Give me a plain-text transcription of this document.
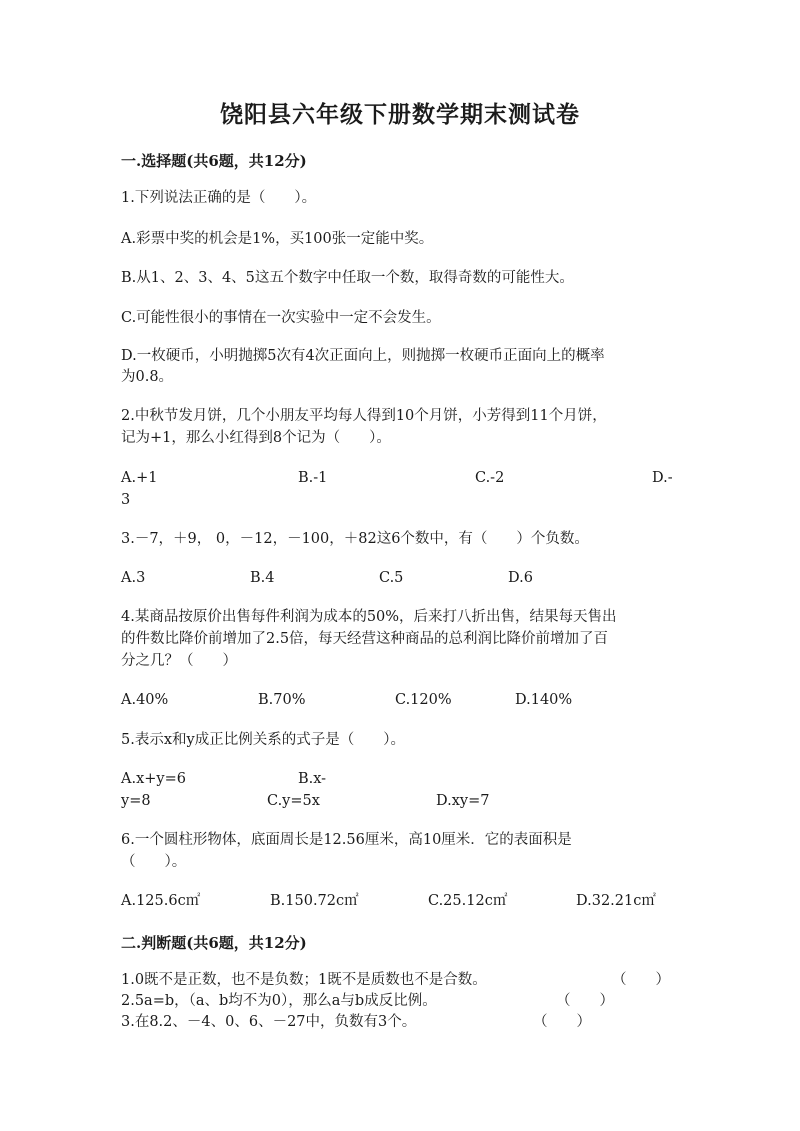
饶阳县六年级下册数学期末测试卷
一.选择题(共6题，共12分)
1.下列说法正确的是（　　）。
A.彩票中奖的机会是1%，买100张一定能中奖。
B.从1、2、3、4、5这五个数字中任取一个数，取得奇数的可能性大。
C.可能性很小的事情在一次实验中一定不会发生。
D.一枚硬币，小明抛掷5次有4次正面向上，则抛掷一枚硬币正面向上的概率
为0.8。
2.中秋节发月饼，几个小朋友平均每人得到10个月饼，小芳得到11个月饼，
记为+1，那么小红得到8个记为（　　）。
A.+1	B.-1	C.-2	D.-
3
3.－7，＋9， 0，－12，－100，＋82这6个数中，有（　　）个负数。
A.3	B.4	C.5	D.6
4.某商品按原价出售每件利润为成本的50%，后来打八折出售，结果每天售出
的件数比降价前增加了2.5倍，每天经营这种商品的总利润比降价前增加了百
分之几？（　　）
A.40%	B.70%	C.120%	D.140%
5.表示x和y成正比例关系的式子是（　　）。
A.x+y=6	B.x-
y=8	C.y=5x	D.xy=7
6.一个圆柱形物体，底面周长是12.56厘米，高10厘米．它的表面积是
（　　）。
A.125.6c㎡	B.150.72c㎡	C.25.12c㎡	D.32.21c㎡
二.判断题(共6题，共12分)
1.0既不是正数，也不是负数；1既不是质数也不是合数。	（　　）
2.5a=b，（a、b均不为0），那么a与b成反比例。	（　　）
3.在8.2、－4、0、6、－27中，负数有3个。	（　　）
